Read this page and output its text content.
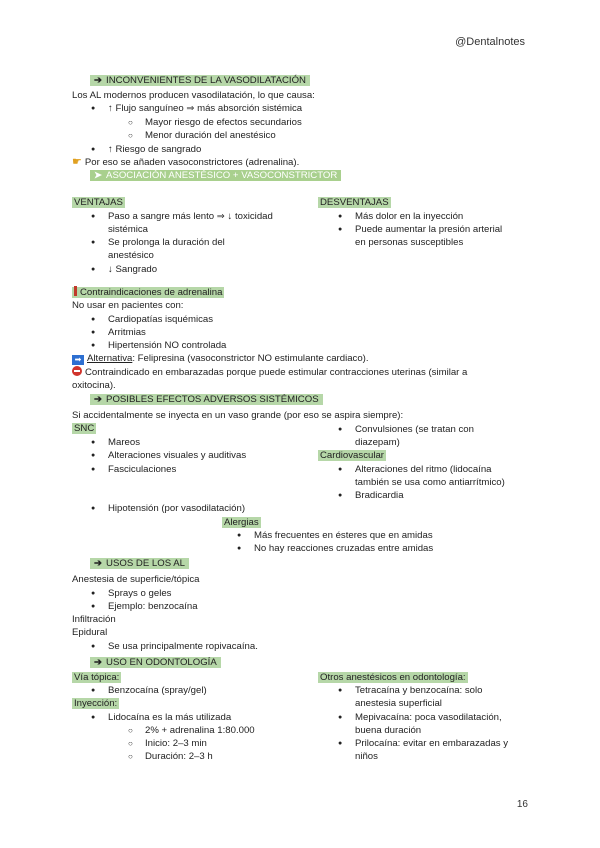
@Dentalnotes
➔ INCONVENIENTES DE LA VASODILATACIÓN
Los AL modernos producen vasodilatación, lo que causa:
● ↑ Flujo sanguíneo ⇒ más absorción sistémica
○ Mayor riesgo de efectos secundarios
○ Menor duración del anestésico
● ↑ Riesgo de sangrado
☛ Por eso se añaden vasoconstrictores (adrenalina).
➤ ASOCIACIÓN ANESTÉSICO + VASOCONSTRICTOR
VENTAJAS
● Paso a sangre más lento ⇒ ↓ toxicidad
sistémica
● Se prolonga la duración del
anestésico
● ↓ Sangrado
DESVENTAJAS
● Más dolor en la inyección
● Puede aumentar la presión arterial
en personas susceptibles
Contraindicaciones de adrenalina
No usar en pacientes con:
● Cardiopatías isquémicas
● Arritmias
● Hipertensión NO controlada
➡ Alternativa: Felipresina (vasoconstrictor NO estimulante cardiaco).
Contraindicado en embarazadas porque puede estimular contracciones uterinas (similar a
oxitocina).
➔ POSIBLES EFECTOS ADVERSOS SISTÉMICOS
Si accidentalmente se inyecta en un vaso grande (por eso se aspira siempre):
SNC
● Mareos
● Alteraciones visuales y auditivas
● Fasciculaciones
● Convulsiones (se tratan con
diazepam)
Cardiovascular
● Alteraciones del ritmo (lidocaína
también se usa como antiarrítmico)
● Bradicardia
● Hipotensión (por vasodilatación)
Alergias
● Más frecuentes en ésteres que en amidas
● No hay reacciones cruzadas entre amidas
➔ USOS DE LOS AL
Anestesia de superficie/tópica
● Sprays o geles
● Ejemplo: benzocaína
Infiltración
Epidural
● Se usa principalmente ropivacaína.
➔ USO EN ODONTOLOGÍA
Vía tópica:
● Benzocaína (spray/gel)
Inyección:
● Lidocaína es la más utilizada
○ 2% + adrenalina 1:80.000
○ Inicio: 2–3 min
○ Duración: 2–3 h
Otros anestésicos en odontología:
● Tetracaína y benzocaína: solo
anestesia superficial
● Mepivacaína: poca vasodilatación,
buena duración
● Prilocaína: evitar en embarazadas y
niños
16
